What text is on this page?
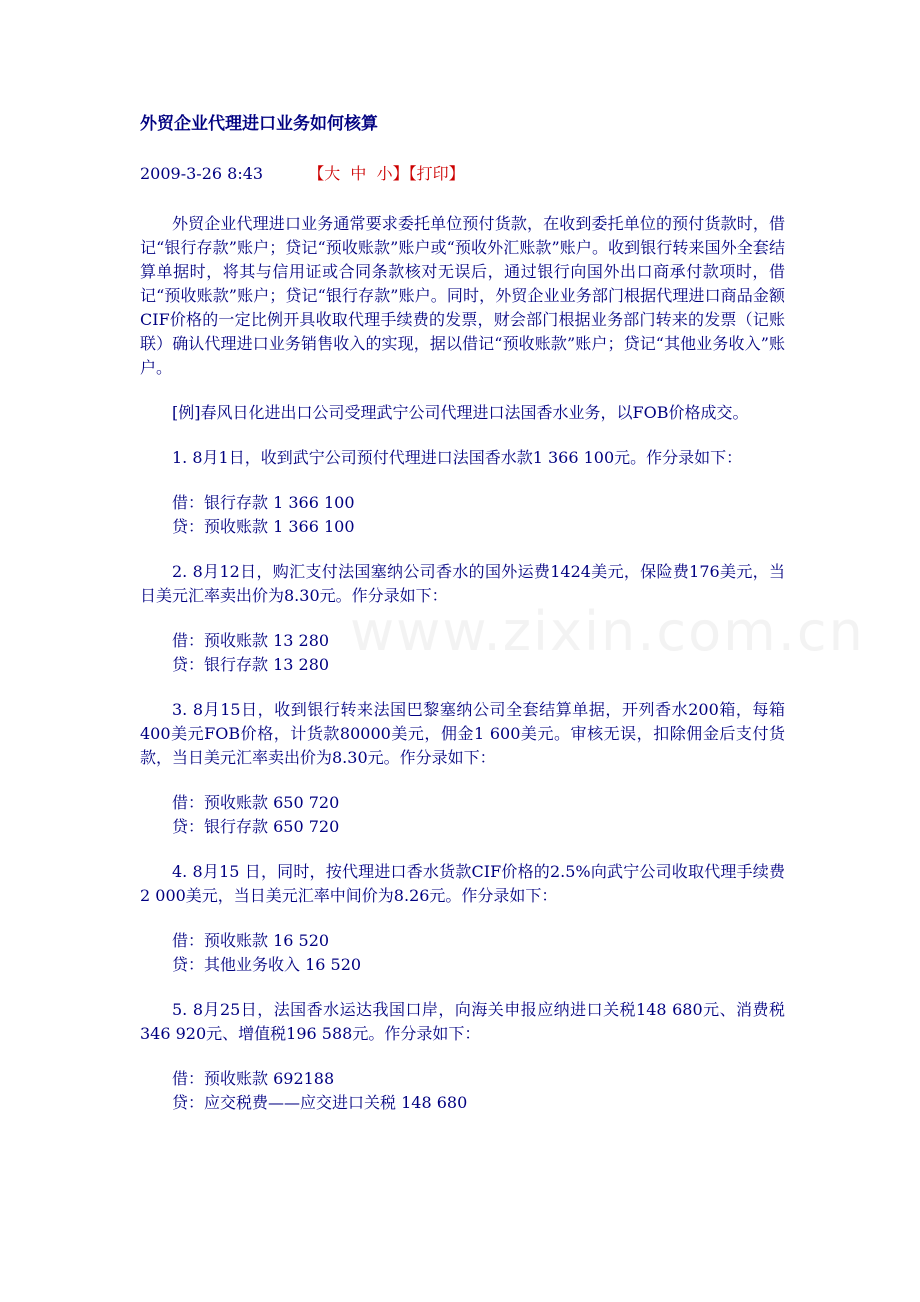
www.zixin.com.cn
外贸企业代理进口业务如何核算
2009-3-26 8:43	【大 中 小】【打印】

外贸企业代理进口业务通常要求委托单位预付货款，在收到委托单位的预付货款时，借记“银行存款”账户；贷记“预收账款”账户或“预收外汇账款”账户。收到银行转来国外全套结算单据时，将其与信用证或合同条款核对无误后，通过银行向国外出口商承付款项时，借记“预收账款”账户；贷记“银行存款”账户。同时，外贸企业业务部门根据代理进口商品金额CIF价格的一定比例开具收取代理手续费的发票，财会部门根据业务部门转来的发票（记账联）确认代理进口业务销售收入的实现，据以借记“预收账款”账户；贷记“其他业务收入”账户。

[例]春风日化进出口公司受理武宁公司代理进口法国香水业务，以FOB价格成交。

1. 8月1日，收到武宁公司预付代理进口法国香水款1 366 100元。作分录如下：

借：银行存款 1 366 100
贷：预收账款 1 366 100

2. 8月12日，购汇支付法国塞纳公司香水的国外运费1424美元，保险费176美元，当日美元汇率卖出价为8.30元。作分录如下：

借：预收账款 13 280
贷：银行存款 13 280

3. 8月15日，收到银行转来法国巴黎塞纳公司全套结算单据，开列香水200箱，每箱400美元FOB价格，计货款80000美元，佣金1 600美元。审核无误，扣除佣金后支付货款，当日美元汇率卖出价为8.30元。作分录如下：

借：预收账款 650 720
贷：银行存款 650 720

4. 8月15 日，同时，按代理进口香水货款CIF价格的2.5%向武宁公司收取代理手续费2 000美元，当日美元汇率中间价为8.26元。作分录如下：

借：预收账款 16 520
贷：其他业务收入 16 520

5. 8月25日，法国香水运达我国口岸，向海关申报应纳进口关税148 680元、消费税346 920元、增值税196 588元。作分录如下：

借：预收账款 692188
贷：应交税费——应交进口关税 148 680
